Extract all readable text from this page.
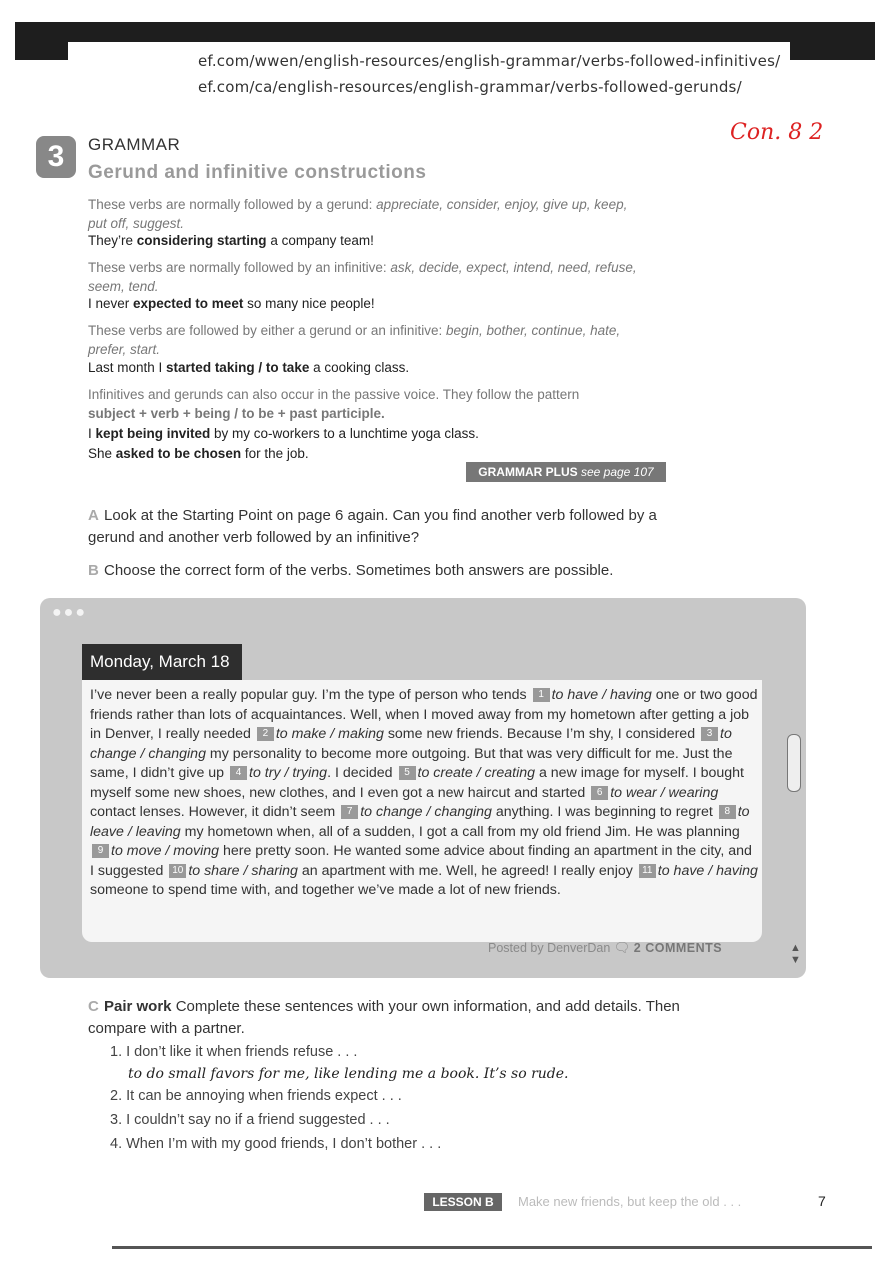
ef.com/wwen/english-resources/english-grammar/verbs-followed-infinitives/
ef.com/ca/english-resources/english-grammar/verbs-followed-gerunds/
Con. 8 2
3	GRAMMAR
Gerund and infinitive constructions
These verbs are normally followed by a gerund: appreciate, consider, enjoy, give up, keep, put off, suggest.
They’re considering starting a company team!
These verbs are normally followed by an infinitive: ask, decide, expect, intend, need, refuse, seem, tend.
I never expected to meet so many nice people!
These verbs are followed by either a gerund or an infinitive: begin, bother, continue, hate, prefer, start.
Last month I started taking / to take a cooking class.
Infinitives and gerunds can also occur in the passive voice. They follow the pattern
subject + verb + being / to be + past participle.
I kept being invited by my co-workers to a lunchtime yoga class.
She asked to be chosen for the job.
GRAMMAR PLUS see page 107
A Look at the Starting Point on page 6 again. Can you find another verb followed by a gerund and another verb followed by an infinitive?
B Choose the correct form of the verbs. Sometimes both answers are possible.
●●●
Monday, March 18
I’ve never been a really popular guy. I’m the type of person who tends 1 to have / having one or two good friends rather than lots of acquaintances. Well, when I moved away from my hometown after getting a job in Denver, I really needed 2 to make / making some new friends. Because I’m shy, I considered 3 to change / changing my personality to become more outgoing. But that was very difficult for me. Just the same, I didn’t give up 4 to try / trying. I decided 5 to create / creating a new image for myself. I bought myself some new shoes, new clothes, and I even got a new haircut and started 6 to wear / wearing contact lenses. However, it didn’t seem 7 to change / changing anything. I was beginning to regret 8 to leave / leaving my hometown when, all of a sudden, I got a call from my old friend Jim. He was planning 9 to move / moving here pretty soon. He wanted some advice about finding an apartment in the city, and I suggested 10 to share / sharing an apartment with me. Well, he agreed! I really enjoy 11 to have / having someone to spend time with, and together we’ve made a lot of new friends.
Posted by DenverDan 🗨 2 COMMENTS	▲
▼
C Pair work Complete these sentences with your own information, and add details. Then compare with a partner.
1. I don’t like it when friends refuse . . .
2. It can be annoying when friends expect . . .
3. I couldn’t say no if a friend suggested . . .
4. When I’m with my good friends, I don’t bother . . .
to do small favors for me, like lending me a book. It’s so rude.
LESSON B	Make new friends, but keep the old . . .	7
